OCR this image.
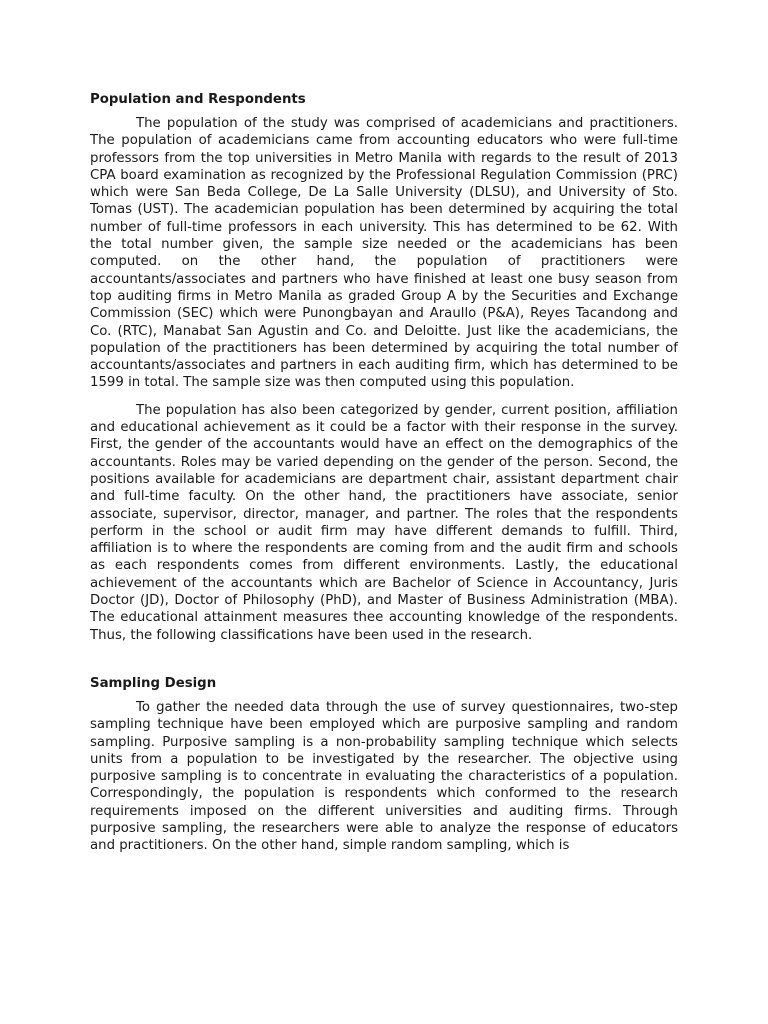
Population and Respondents

The population of the study was comprised of academicians and practitioners. The population of academicians came from accounting educators who were full-time professors from the top universities in Metro Manila with regards to the result of 2013 CPA board examination as recognized by the Professional Regulation Commission (PRC) which were San Beda College, De La Salle University (DLSU), and University of Sto. Tomas (UST). The academician population has been determined by acquiring the total number of full-time professors in each university. This has determined to be 62. With the total number given, the sample size needed or the academicians has been computed. on the other hand, the population of practitioners were accountants/associates and partners who have finished at least one busy season from top auditing firms in Metro Manila as graded Group A by the Securities and Exchange Commission (SEC) which were Punongbayan and Araullo (P&A), Reyes Tacandong and Co. (RTC), Manabat San Agustin and Co. and Deloitte. Just like the academicians, the population of the practitioners has been determined by acquiring the total number of accountants/associates and partners in each auditing firm, which has determined to be 1599 in total. The sample size was then computed using this population.

The population has also been categorized by gender, current position, affiliation and educational achievement as it could be a factor with their response in the survey. First, the gender of the accountants would have an effect on the demographics of the accountants. Roles may be varied depending on the gender of the person. Second, the positions available for academicians are department chair, assistant department chair and full-time faculty. On the other hand, the practitioners have associate, senior associate, supervisor, director, manager, and partner. The roles that the respondents perform in the school or audit firm may have different demands to fulfill. Third, affiliation is to where the respondents are coming from and the audit firm and schools as each respondents comes from different environments. Lastly, the educational achievement of the accountants which are Bachelor of Science in Accountancy, Juris Doctor (JD), Doctor of Philosophy (PhD), and Master of Business Administration (MBA). The educational attainment measures thee accounting knowledge of the respondents. Thus, the following classifications have been used in the research.

Sampling Design

To gather the needed data through the use of survey questionnaires, two-step sampling technique have been employed which are purposive sampling and random sampling. Purposive sampling is a non-probability sampling technique which selects units from a population to be investigated by the researcher. The objective using purposive sampling is to concentrate in evaluating the characteristics of a population. Correspondingly, the population is respondents which conformed to the research requirements imposed on the different universities and auditing firms. Through purposive sampling, the researchers were able to analyze the response of educators and practitioners. On the other hand, simple random sampling, which is
